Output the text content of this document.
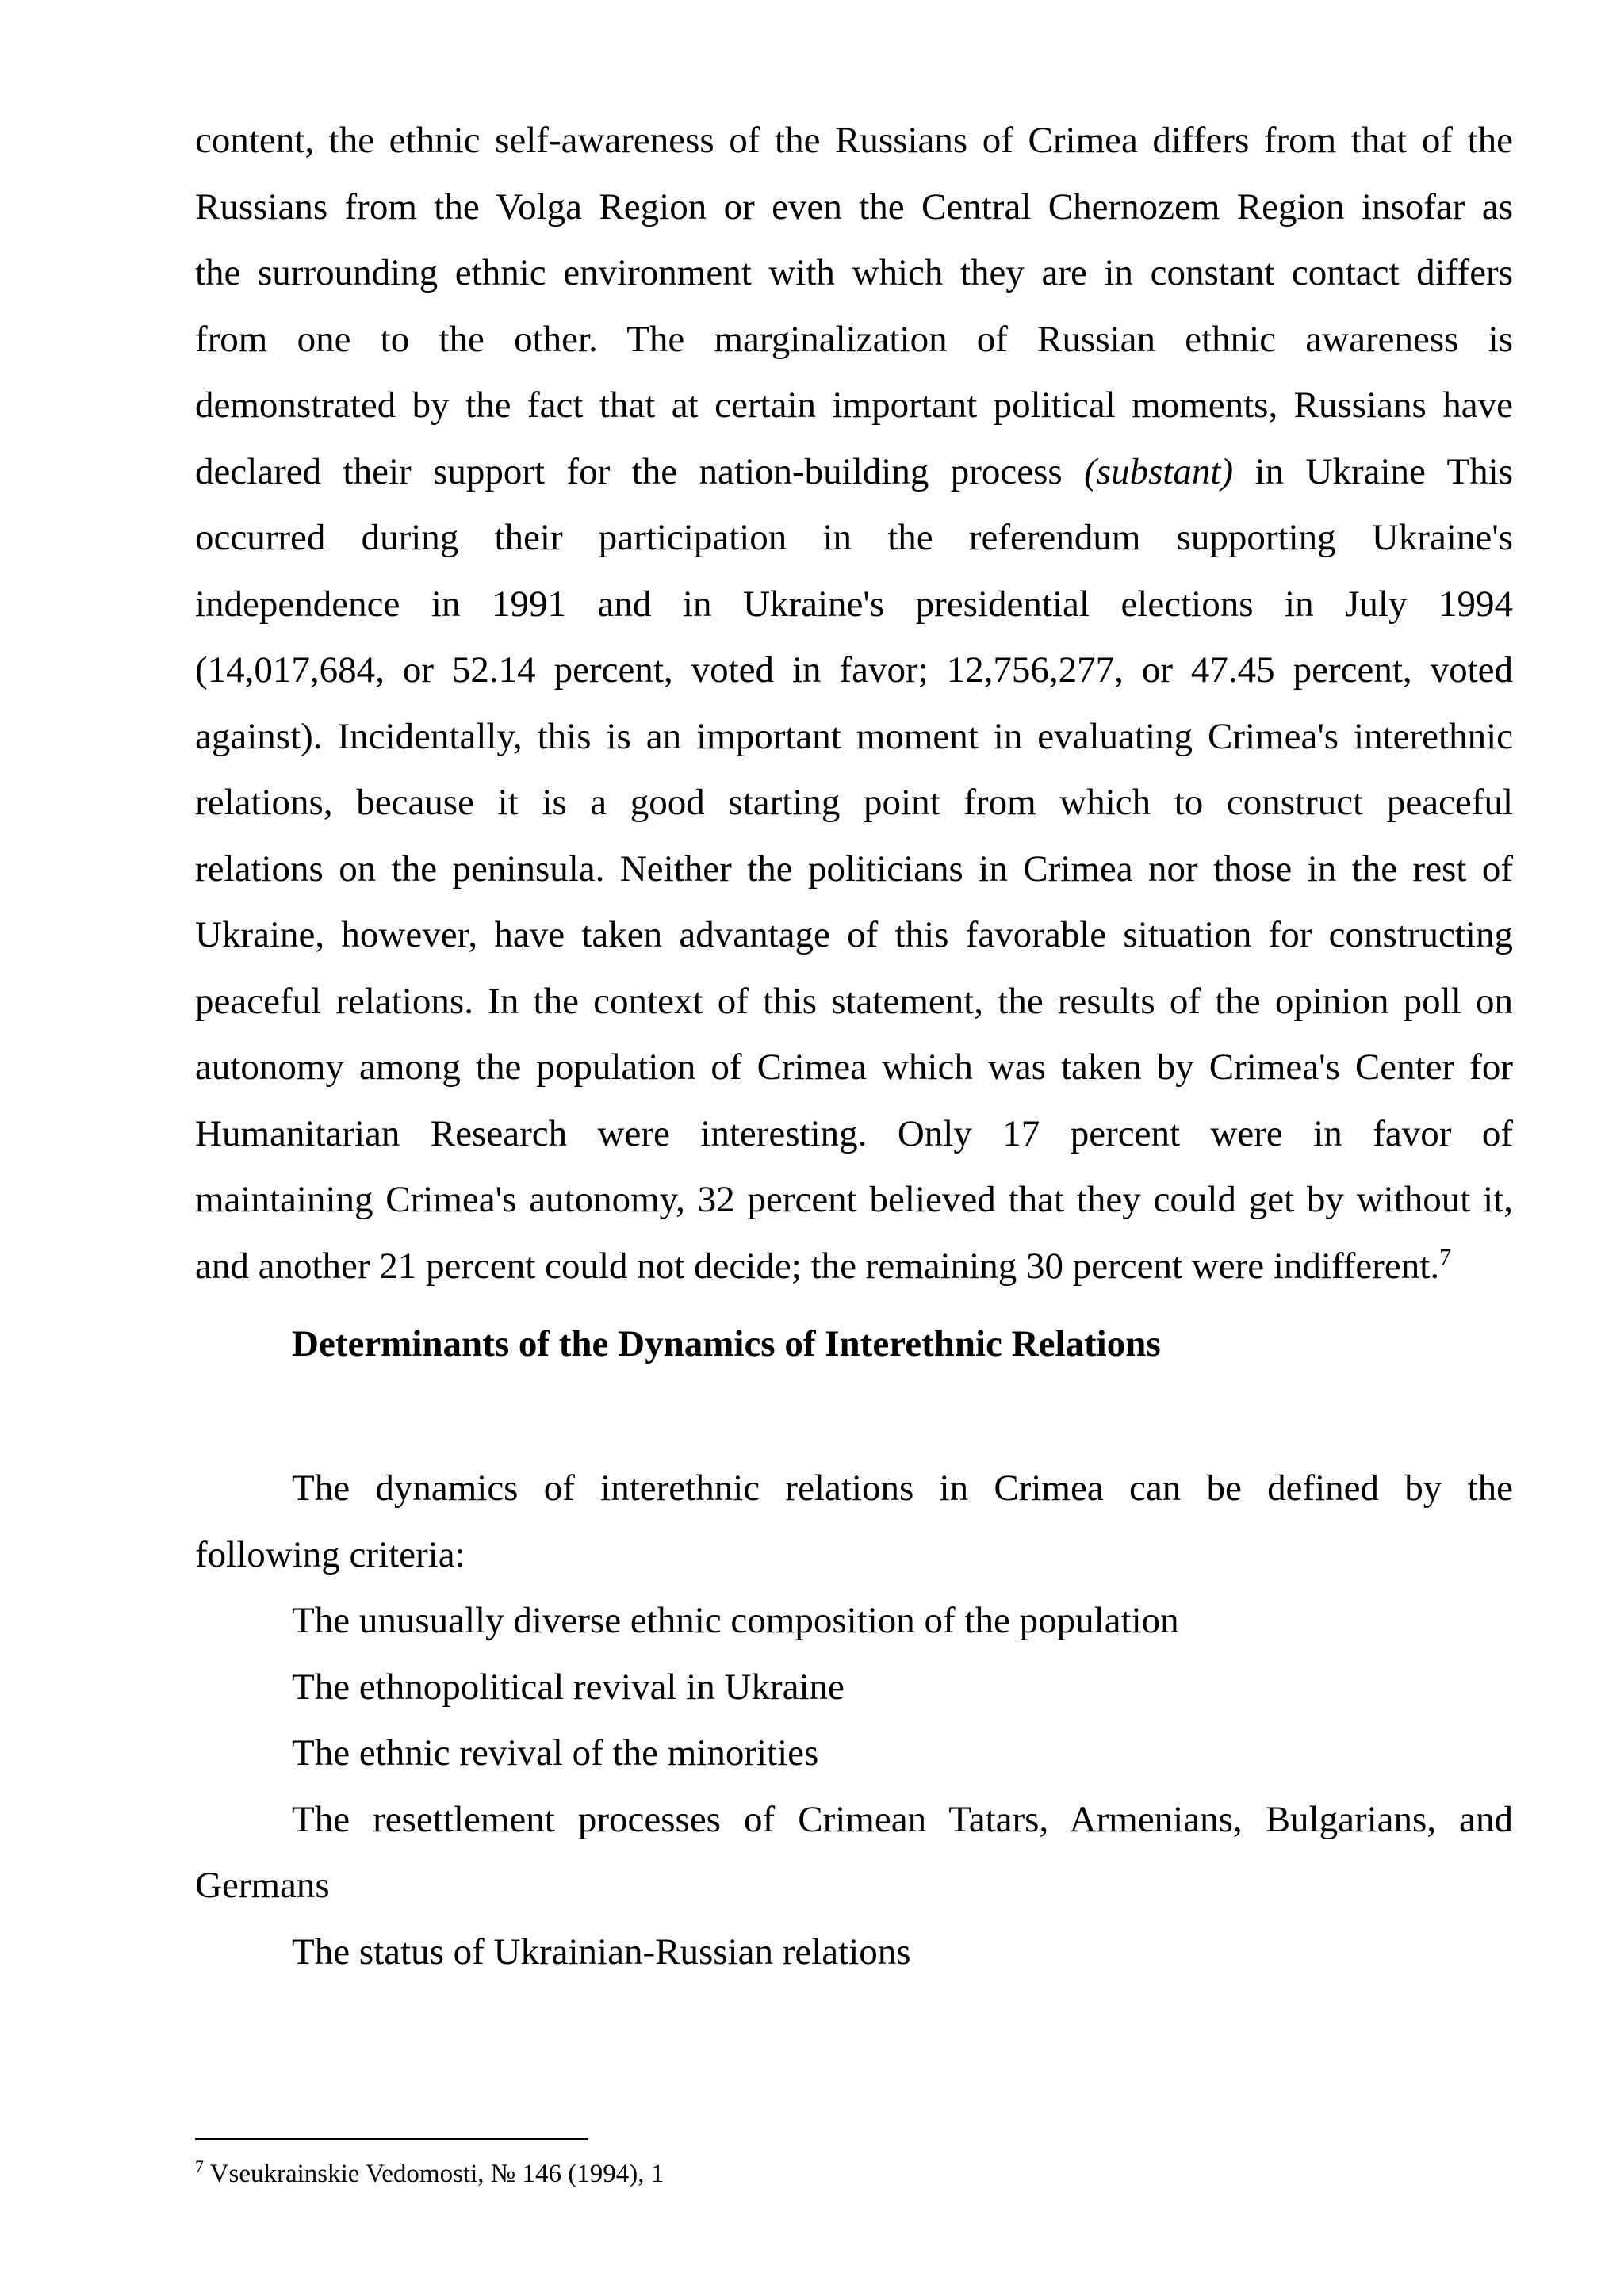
content, the ethnic self-awareness of the Russians of Crimea differs from that of the
Russians from the Volga Region or even the Central Chernozem Region insofar as
the surrounding ethnic environment with which they are in constant contact differs
from one to the other. The marginalization of Russian ethnic awareness is
demonstrated by the fact that at certain important political moments, Russians have
declared their support for the nation-building process (substant) in Ukraine This
occurred during their participation in the referendum supporting Ukraine's
independence in 1991 and in Ukraine's presidential elections in July 1994
(14,017,684, or 52.14 percent, voted in favor; 12,756,277, or 47.45 percent, voted
against). Incidentally, this is an important moment in evaluating Crimea's interethnic
relations, because it is a good starting point from which to construct peaceful
relations on the peninsula. Neither the politicians in Crimea nor those in the rest of
Ukraine, however, have taken advantage of this favorable situation for constructing
peaceful relations. In the context of this statement, the results of the opinion poll on
autonomy among the population of Crimea which was taken by Crimea's Center for
Humanitarian Research were interesting. Only 17 percent were in favor of
maintaining Crimea's autonomy, 32 percent believed that they could get by without it,
and another 21 percent could not decide; the remaining 30 percent were indifferent.$^7$
Determinants of the Dynamics of Interethnic Relations
The dynamics of interethnic relations in Crimea can be defined by the
following criteria:
The unusually diverse ethnic composition of the population
The ethnopolitical revival in Ukraine
The ethnic revival of the minorities
The resettlement processes of Crimean Tatars, Armenians, Bulgarians, and
Germans
The status of Ukrainian-Russian relations
$^7$ Vseukrainskie Vedomosti, № 146 (1994), 1
